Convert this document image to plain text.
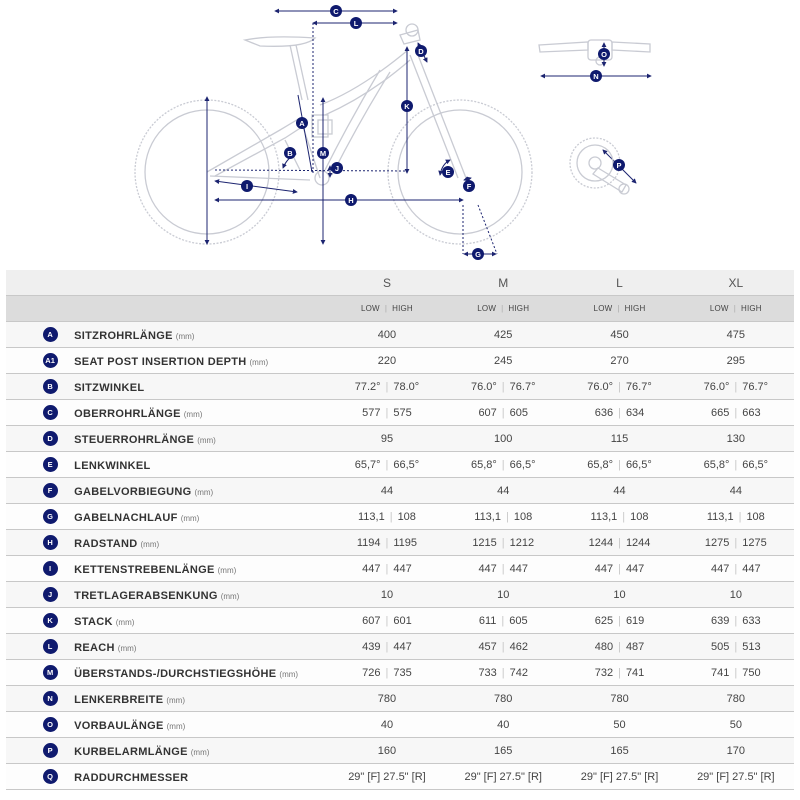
A
B
C
D
E
F
G
H
I
J
K
L
M
N
O
P
		S	M	L	XL
		LOW | HIGH	LOW | HIGH	LOW | HIGH	LOW | HIGH
A	SITZROHRLÄNGE (mm)	400	425	450	475
A1	SEAT POST INSERTION DEPTH (mm)	220	245	270	295
B	SITZWINKEL	77.2° | 78.0°	76.0° | 76.7°	76.0° | 76.7°	76.0° | 76.7°
C	OBERROHRLÄNGE (mm)	577 | 575	607 | 605	636 | 634	665 | 663
D	STEUERROHRLÄNGE (mm)	95	100	115	130
E	LENKWINKEL	65,7° | 66,5°	65,8° | 66,5°	65,8° | 66,5°	65,8° | 66,5°
F	GABELVORBIEGUNG (mm)	44	44	44	44
G	GABELNACHLAUF (mm)	113,1 | 108	113,1 | 108	113,1 | 108	113,1 | 108
H	RADSTAND (mm)	1194 | 1195	1215 | 1212	1244 | 1244	1275 | 1275
I	KETTENSTREBENLÄNGE (mm)	447 | 447	447 | 447	447 | 447	447 | 447
J	TRETLAGERABSENKUNG (mm)	10	10	10	10
K	STACK (mm)	607 | 601	611 | 605	625 | 619	639 | 633
L	REACH (mm)	439 | 447	457 | 462	480 | 487	505 | 513
M	ÜBERSTANDS-/DURCHSTIEGSHÖHE (mm)	726 | 735	733 | 742	732 | 741	741 | 750
N	LENKERBREITE (mm)	780	780	780	780
O	VORBAULÄNGE (mm)	40	40	50	50
P	KURBELARMLÄNGE (mm)	160	165	165	170
Q	RADDURCHMESSER	29" [F] 27.5" [R]	29" [F] 27.5" [R]	29" [F] 27.5" [R]	29" [F] 27.5" [R]
